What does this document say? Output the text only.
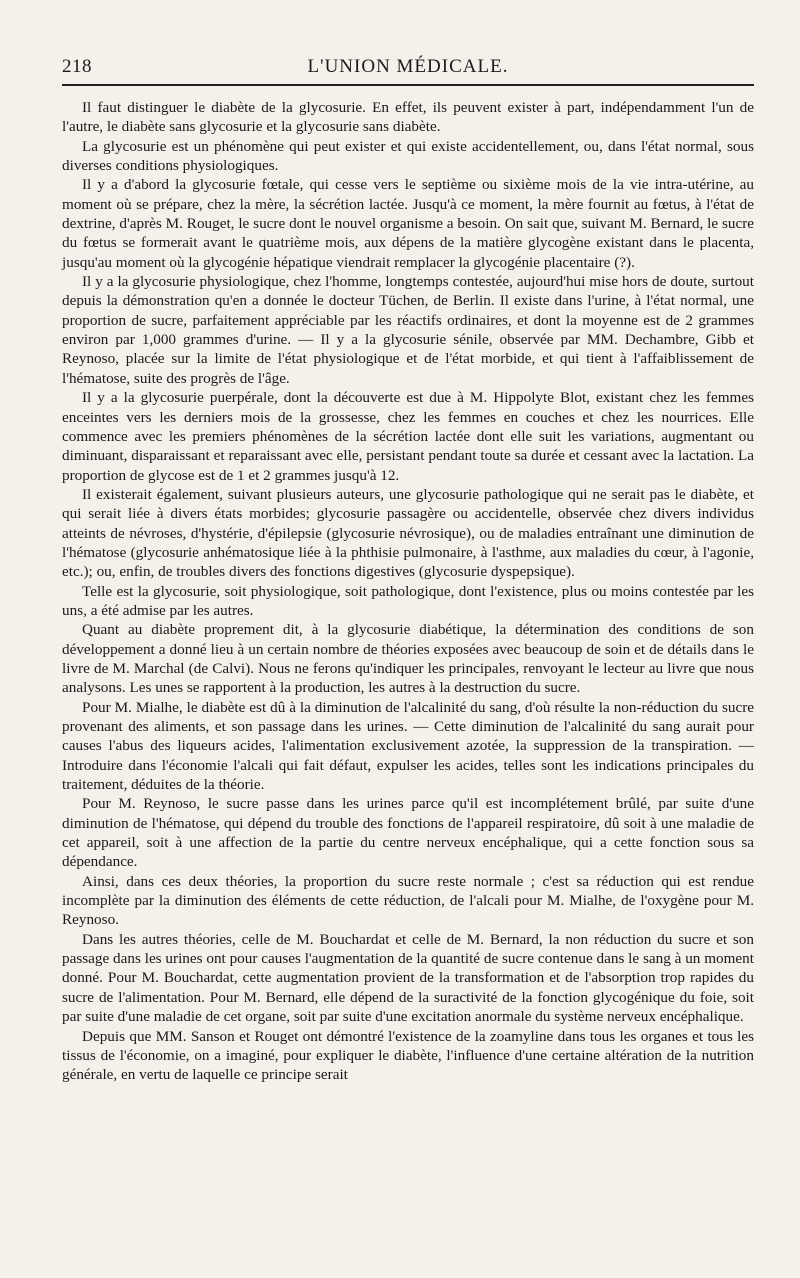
218	L'UNION MÉDICALE.

Il faut distinguer le diabète de la glycosurie. En effet, ils peuvent exister à part, indépendamment l'un de l'autre, le diabète sans glycosurie et la glycosurie sans diabète.

La glycosurie est un phénomène qui peut exister et qui existe accidentellement, ou, dans l'état normal, sous diverses conditions physiologiques.

Il y a d'abord la glycosurie fœtale, qui cesse vers le septième ou sixième mois de la vie intra-utérine, au moment où se prépare, chez la mère, la sécrétion lactée. Jusqu'à ce moment, la mère fournit au fœtus, à l'état de dextrine, d'après M. Rouget, le sucre dont le nouvel organisme a besoin. On sait que, suivant M. Bernard, le sucre du fœtus se formerait avant le quatrième mois, aux dépens de la matière glycogène existant dans le placenta, jusqu'au moment où la glycogénie hépatique viendrait remplacer la glycogénie placentaire (?).

Il y a la glycosurie physiologique, chez l'homme, longtemps contestée, aujourd'hui mise hors de doute, surtout depuis la démonstration qu'en a donnée le docteur Tüchen, de Berlin. Il existe dans l'urine, à l'état normal, une proportion de sucre, parfaitement appréciable par les réactifs ordinaires, et dont la moyenne est de 2 grammes environ par 1,000 grammes d'urine. — Il y a la glycosurie sénile, observée par MM. Dechambre, Gibb et Reynoso, placée sur la limite de l'état physiologique et de l'état morbide, et qui tient à l'affaiblissement de l'hématose, suite des progrès de l'âge.

Il y a la glycosurie puerpérale, dont la découverte est due à M. Hippolyte Blot, existant chez les femmes enceintes vers les derniers mois de la grossesse, chez les femmes en couches et chez les nourrices. Elle commence avec les premiers phénomènes de la sécrétion lactée dont elle suit les variations, augmentant ou diminuant, disparaissant et reparaissant avec elle, persistant pendant toute sa durée et cessant avec la lactation. La proportion de glycose est de 1 et 2 grammes jusqu'à 12.

Il existerait également, suivant plusieurs auteurs, une glycosurie pathologique qui ne serait pas le diabète, et qui serait liée à divers états morbides; glycosurie passagère ou accidentelle, observée chez divers individus atteints de névroses, d'hystérie, d'épilepsie (glycosurie névrosique), ou de maladies entraînant une diminution de l'hématose (glycosurie anhématosique liée à la phthisie pulmonaire, à l'asthme, aux maladies du cœur, à l'agonie, etc.); ou, enfin, de troubles divers des fonctions digestives (glycosurie dyspepsique).

Telle est la glycosurie, soit physiologique, soit pathologique, dont l'existence, plus ou moins contestée par les uns, a été admise par les autres.

Quant au diabète proprement dit, à la glycosurie diabétique, la détermination des conditions de son développement a donné lieu à un certain nombre de théories exposées avec beaucoup de soin et de détails dans le livre de M. Marchal (de Calvi). Nous ne ferons qu'indiquer les principales, renvoyant le lecteur au livre que nous analysons. Les unes se rapportent à la production, les autres à la destruction du sucre.

Pour M. Mialhe, le diabète est dû à la diminution de l'alcalinité du sang, d'où résulte la non-réduction du sucre provenant des aliments, et son passage dans les urines. — Cette diminution de l'alcalinité du sang aurait pour causes l'abus des liqueurs acides, l'alimentation exclusivement azotée, la suppression de la transpiration. — Introduire dans l'économie l'alcali qui fait défaut, expulser les acides, telles sont les indications principales du traitement, déduites de la théorie.

Pour M. Reynoso, le sucre passe dans les urines parce qu'il est incomplétement brûlé, par suite d'une diminution de l'hématose, qui dépend du trouble des fonctions de l'appareil respiratoire, dû soit à une maladie de cet appareil, soit à une affection de la partie du centre nerveux encéphalique, qui a cette fonction sous sa dépendance.

Ainsi, dans ces deux théories, la proportion du sucre reste normale ; c'est sa réduction qui est rendue incomplète par la diminution des éléments de cette réduction, de l'alcali pour M. Mialhe, de l'oxygène pour M. Reynoso.

Dans les autres théories, celle de M. Bouchardat et celle de M. Bernard, la non réduction du sucre et son passage dans les urines ont pour causes l'augmentation de la quantité de sucre contenue dans le sang à un moment donné. Pour M. Bouchardat, cette augmentation provient de la transformation et de l'absorption trop rapides du sucre de l'alimentation. Pour M. Bernard, elle dépend de la suractivité de la fonction glycogénique du foie, soit par suite d'une maladie de cet organe, soit par suite d'une excitation anormale du système nerveux encéphalique.

Depuis que MM. Sanson et Rouget ont démontré l'existence de la zoamyline dans tous les organes et tous les tissus de l'économie, on a imaginé, pour expliquer le diabète, l'influence d'une certaine altération de la nutrition générale, en vertu de laquelle ce principe serait
